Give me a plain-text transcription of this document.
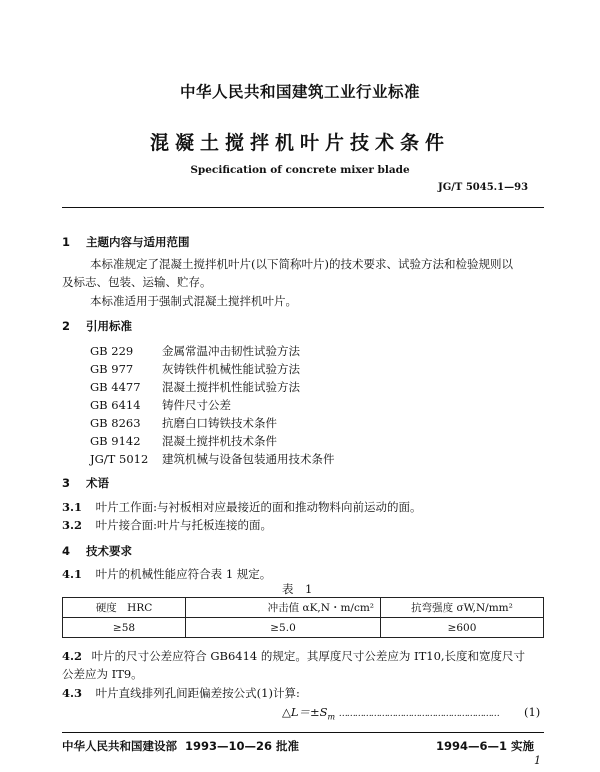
中华人民共和国建筑工业行业标准
混凝土搅拌机叶片技术条件
Specification of concrete mixer blade
JG/T 5045.1—93
1 主题内容与适用范围
本标准规定了混凝土搅拌机叶片(以下简称叶片)的技术要求、试验方法和检验规则以
及标志、包装、运输、贮存。
本标准适用于强制式混凝土搅拌机叶片。
2 引用标准
GB 229	金属常温冲击韧性试验方法
GB 977	灰铸铁件机械性能试验方法
GB 4477 混凝土搅拌机性能试验方法
GB 6414 铸件尺寸公差
GB 8263 抗磨白口铸铁技术条件
GB 9142 混凝土搅拌机技术条件
JG/T 5012 建筑机械与设备包装通用技术条件
3 术语
3.1 叶片工作面:与衬板相对应最接近的面和推动物料向前运动的面。
3.2 叶片接合面:叶片与托板连接的面。
4 技术要求
4.1 叶片的机械性能应符合表 1 规定。
表　1
硬度　HRC	冲击值 αK,N・m/cm²	抗弯强度 σW,N/mm²
≥58	≥5.0	≥600
4.2 叶片的尺寸公差应符合 GB6414 的规定。其厚度尺寸公差应为 IT10,长度和宽度尺寸
公差应为 IT9。
4.3 叶片直线排列孔间距偏差按公式(1)计算:
$\triangle L=\pm S_m$ …………………………………………………… (1)
中华人民共和国建设部 1993—10—26 批准	1994—6—1 实施
1
